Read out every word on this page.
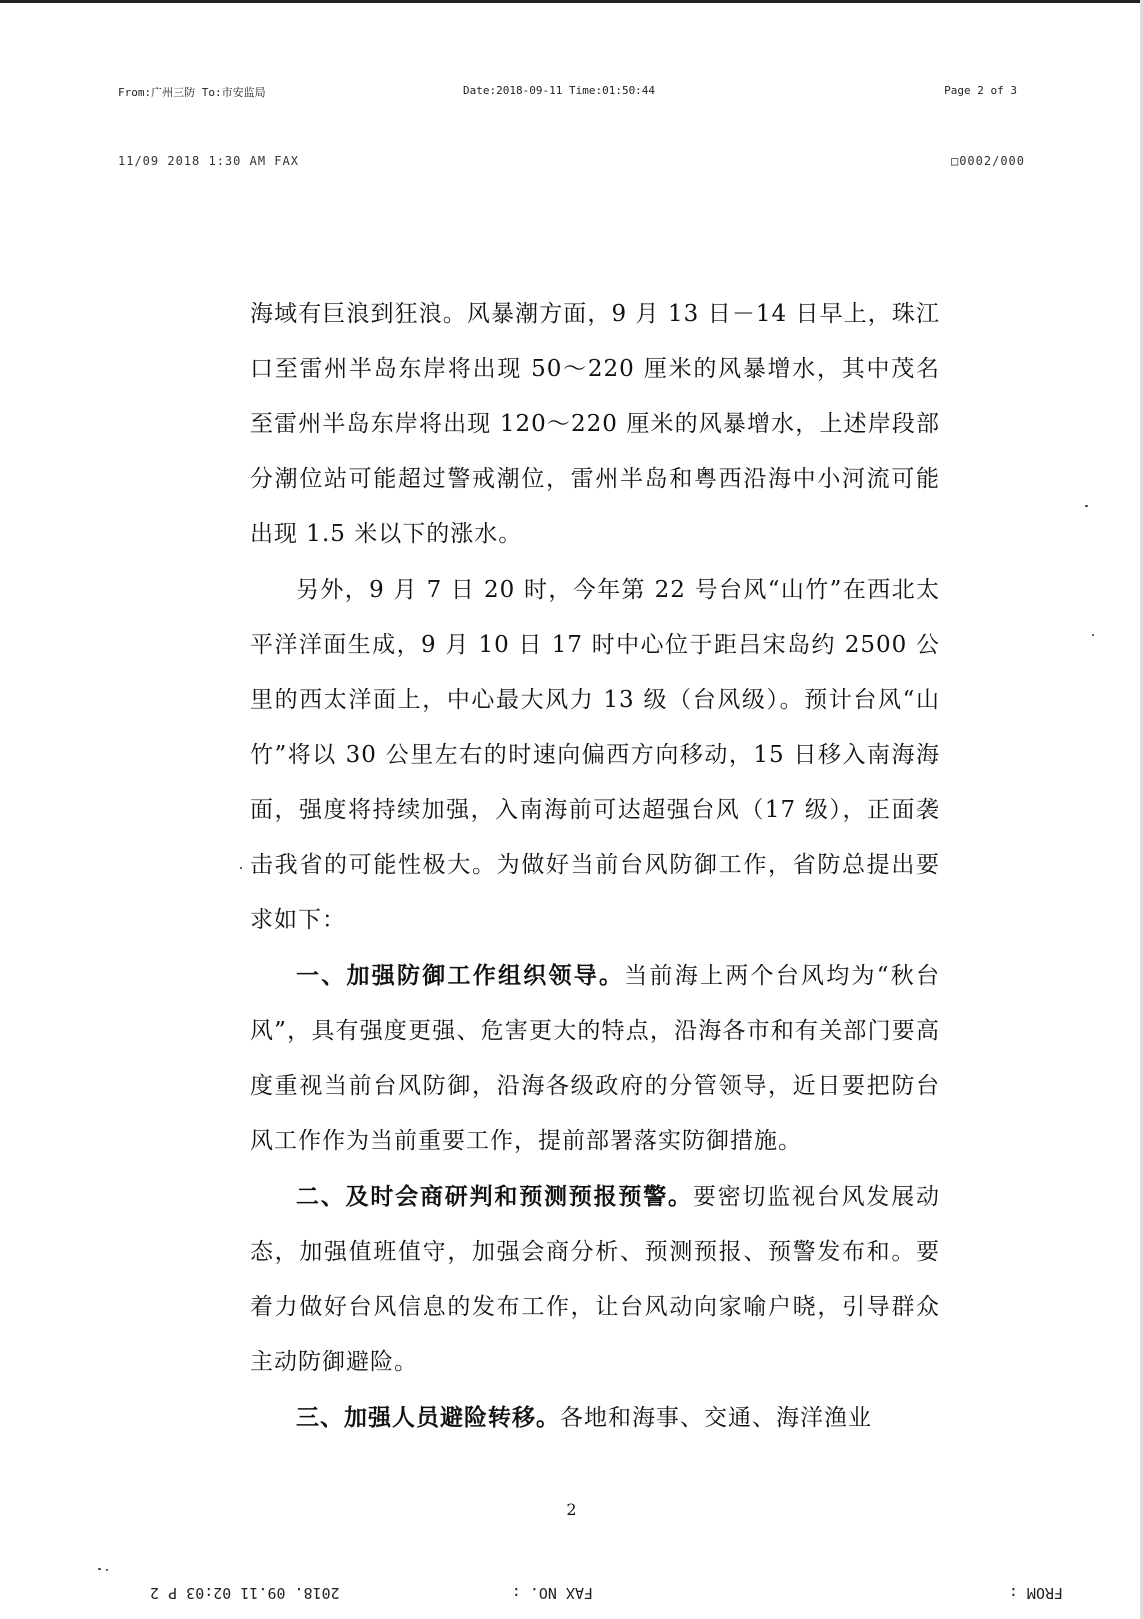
From:广州三防 To:市安监局	Date:2018-09-11 Time:01:50:44	Page 2 of 3
11/09 2018 1:30 AM FAX	□0002/000

海域有巨浪到狂浪。风暴潮方面，9 月 13 日－14 日早上，珠江口至雷州半岛东岸将出现 50～220 厘米的风暴增水，其中茂名至雷州半岛东岸将出现 120～220 厘米的风暴增水，上述岸段部分潮位站可能超过警戒潮位，雷州半岛和粤西沿海中小河流可能出现 1.5 米以下的涨水。

另外，9 月 7 日 20 时，今年第 22 号台风“山竹”在西北太平洋洋面生成，9 月 10 日 17 时中心位于距吕宋岛约 2500 公里的西太洋面上，中心最大风力 13 级（台风级）。预计台风“山竹”将以 30 公里左右的时速向偏西方向移动，15 日移入南海海面，强度将持续加强，入南海前可达超强台风（17 级），正面袭击我省的可能性极大。为做好当前台风防御工作，省防总提出要求如下：

一、加强防御工作组织领导。当前海上两个台风均为“秋台风”，具有强度更强、危害更大的特点，沿海各市和有关部门要高度重视当前台风防御，沿海各级政府的分管领导，近日要把防台风工作作为当前重要工作，提前部署落实防御措施。

二、及时会商研判和预测预报预警。要密切监视台风发展动态，加强值班值守，加强会商分析、预测预报、预警发布和。要着力做好台风信息的发布工作，让台风动向家喻户晓，引导群众主动防御避险。

三、加强人员避险转移。各地和海事、交通、海洋渔业

2
FROM :
FAX NO. :
2018. 09.11 02:03 P 2
